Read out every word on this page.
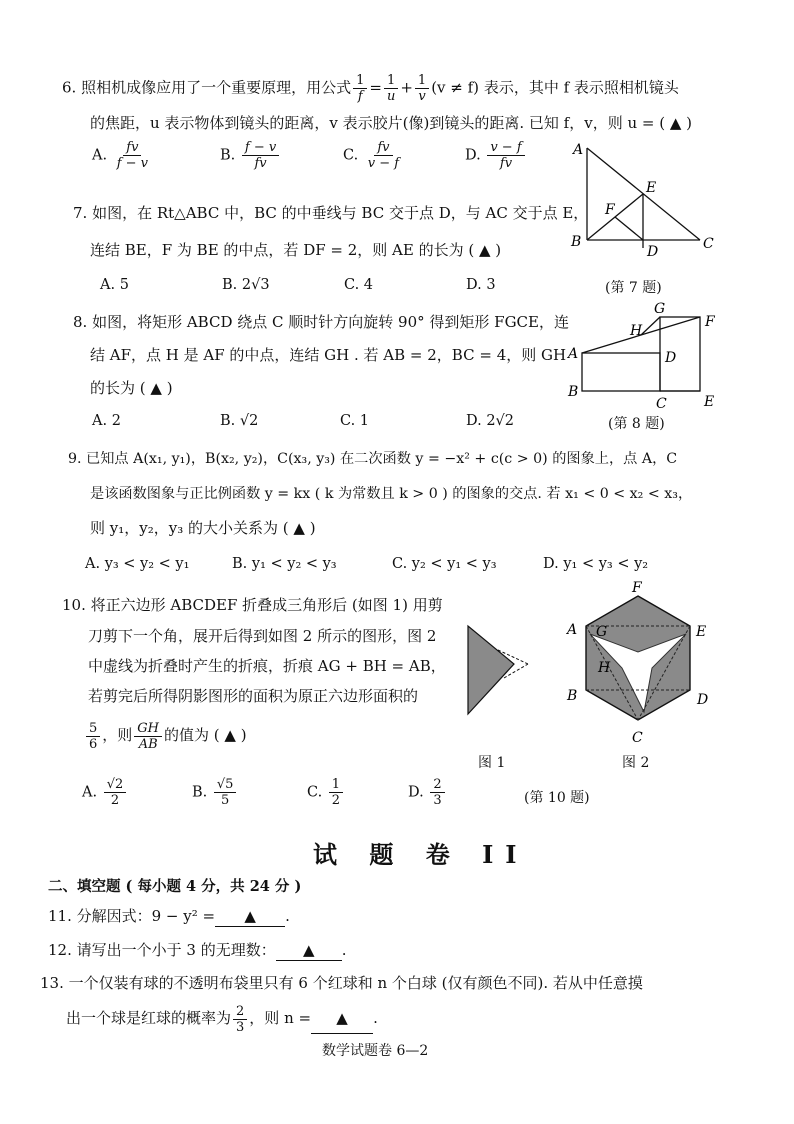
6. 照相机成像应用了一个重要原理，用公式 $\frac{1}{f} = \frac{1}{u} + \frac{1}{v} (v \ne f)$ 表示，其中 f 表示照相机镜头
的焦距，u 表示物体到镜头的距离，v 表示胶片(像)到镜头的距离. 已知 f，v，则 u = ( ▲ )
A. $\frac{fv}{f - v}$	B. $\frac{f - v}{fv}$	C. $\frac{fv}{v - f}$	D. $\frac{v - f}{fv}$	A
B	C
D
E
F
7. 如图，在 Rt△ABC 中，BC 的中垂线与 BC 交于点 D，与 AC 交于点 E，
连结 BE，F 为 BE 的中点，若 DF = 2，则 AE 的长为 ( ▲ )
A. 5	B. 2√3	C. 4	D. 3	(第 7 题)
A
B
C
D
E
F
G
H
8. 如图，将矩形 ABCD 绕点 C 顺时针方向旋转 90° 得到矩形 FGCE，连
结 AF，点 H 是 AF 的中点，连结 GH . 若 AB = 2，BC = 4，则 GH
的长为 ( ▲ )
A. 2	B. √2	C. 1	D. 2√2	(第 8 题)
9. 已知点 A(x₁, y₁)，B(x₂, y₂)，C(x₃, y₃) 在二次函数 y = −x² + c(c > 0) 的图象上，点 A，C
是该函数图象与正比例函数 y = kx ( k 为常数且 k > 0 ) 的图象的交点. 若 x₁ < 0 < x₂ < x₃，
则 y₁，y₂，y₃ 的大小关系为 ( ▲ )
A. y₃ < y₂ < y₁	B. y₁ < y₂ < y₃	C. y₂ < y₁ < y₃	D. y₁ < y₃ < y₂
10. 将正六边形 ABCDEF 折叠成三角形后 (如图 1) 用剪
刀剪下一个角，展开后得到如图 2 所示的图形，图 2
中虚线为折叠时产生的折痕，折痕 AG + BH = AB，
若剪完后所得阴影图形的面积为原正六边形面积的
$\frac{5}{6}$ ，则 $\frac{GH}{AB}$ 的值为 ( ▲ )
图 1
F
A G	E
H
B	D
C
图 2
A. $\frac{√2}{2}$	B. $\frac{√5}{5}$	C. $\frac{1}{2}$	D. $\frac{2}{3}$	(第 10 题)
试 题 卷 II
二、填空题 ( 每小题 4 分，共 24 分 )
11. 分解因式：9 − y² = ▲ .
12. 请写出一个小于 3 的无理数： ▲ .
13. 一个仅装有球的不透明布袋里只有 6 个红球和 n 个白球 (仅有颜色不同). 若从中任意摸
出一个球是红球的概率为 $\frac{2}{3}$ ，则 n = ▲ .
数学试题卷 6—2
